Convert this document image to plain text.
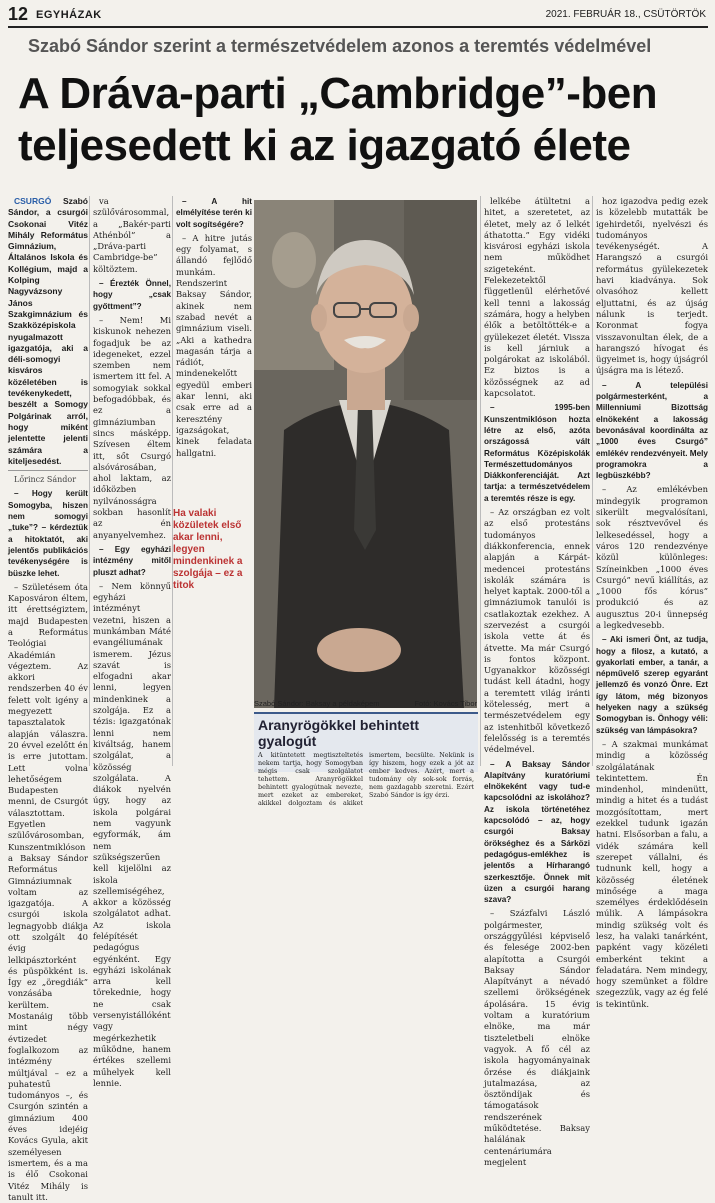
12 EGYHÁZAK	2021. FEBRUÁR 18., CSÜTÖRTÖK
Szabó Sándor szerint a természetvédelem azonos a teremtés védelmével
A Dráva-parti „Cambridge”-ben
teljesedett ki az igazgató élete

CSURGÓ Szabó Sándor, a csurgói Csokonai Vitéz Mihály Református Gimnázium, Általános Iskola és Kollégium, majd a Kolping Nagyvázsony János Szakgimnázium és Szakközépiskola nyugalmazott igazgatója, aki a déli-somogyi kisváros közéletében is tevékenykedett, beszélt a Somogy Polgárinak arról, hogy miként jelentette jelenti számára a kiteljesedést.

Lőrincz Sándor

– Hogy került Somogyba, hiszen nem somogyi „tuke”? – kérdeztük a hitoktatót, aki jelentős publikációs tevékenységére is büszke lehet.

– Születésem óta Kaposváron éltem, itt érettségiztem, majd Budapesten a Református Teológiai Akadémián végeztem. Az akkori rendszerben 40 év felett volt igény a megyezett tapasztalatok alapján válaszra. 20 évvel ezelőtt én is erre jutottam. Lett volna lehetőségem Budapesten menni, de Csurgót választottam. Egyetlen szülővárosomban, Kunszentmiklóson a Baksay Sándor Református Gimnáziumnak voltam az igazgatója. A csurgói iskola legnagyobb diákja ott szolgált 40 évig lelkipásztorként és püspökként is. Így ez „öregdiák” vonzásába kerültem. Mostanáig több mint négy évtizedet foglalkozom az intézmény múltjával – ez a puhatestű tudományos –, és Csurgón szintén a gimnázium 400 éves idejéig Kovács Gyula, akit személyesen ismertem, és a ma is élő Csokonai Vitéz Mihály is tanult itt.

va szülővárosommal, a „Bakér-parti Athénból” a „Dráva-parti Cambridge-be” költöztem.

– Érezték Önnel, hogy „csak győttment”?

– Nem! Mi kiskunok nehezen fogadjuk be az idegeneket, ezzel szemben nem ismertem itt fel. A somogyiak sokkal befogadóbbak, és ez a gimnáziumban sincs másképp. Szívesen éltem itt, sőt Csurgó alsóvárosában, ahol laktam, az időközben nyilvánosságra sokban hasonlít az én anyanyelvemhez.

– Egy egyházi intézmény mitől pluszt adhat?

– Nem könnyű egyházi intézményt vezetni, hiszen a munkámban Máté evangéliumának ismerem. Jézus szavát is elfogadni akar lenni, legyen mindenkinek a szolgája. Ez a tézis: igazgatónak lenni nem kiváltság, hanem szolgálat, a közösség szolgálata. A diákok nyelvén úgy, hogy az iskola polgárai nem vagyunk egyformák, ám nem szükségszerűen kell kijelölni az iskola szellemiségéhez, akkor a közösség szolgálatot adhat. Az iskola felépítését pedagógus egyénként. Egy egyházi iskolának arra kell törekednie, hogy ne csak versenyistállóként vagy megérkezhetik működne, hanem értékes szellemi műhelyek kell lennie.

– A hit elmélyítése terén ki volt sogítségére?

– A hitre jutás egy folyamat, s állandó fejlődő munkám. Rendszerint Baksay Sándor, akinek nem szabad nevét a gimnázium viseli. „Aki a kathedra magasán tárja a rádiót, mindenekelőtt egyedül emberi akar lenni, aki csak erre ad a keresztény igazságokat, kinek feladata hallgatni.

Ha valaki közületek első akar lenni, legyen mindenkinek a szolgája – ez a titok
Szabó Sándor: Baksay a példaképem	Fotó: Kovács Tibor

Aranyrögökkel behintett gyalogút
A kitüntetett megtiszteltetés nekem tartja, hogy Somogyban mégis csak szolgálatot tehettem. Aranyrögökkel behintett gyalogútnak nevezte, mert ezeket az embereket, akikkel dolgoztam és akiket ismertem, becsülte. Nekünk is így hiszem, hogy ezek a jót az ember kedves. Azért, mert a tudomány oly sok-sok forrás, nem gazdagabb szeretni. Ezért Szabó Sándor is így érzi.

lelkébe átültetni a hitet, a szeretetet, az életet, mely az ő lelkét áthatotta.” Egy vidéki kisvárosi egyházi iskola nem működhet szigeteként. Felekezetektől függetlenül elérhetővé kell tenni a lakosság számára, hogy a helyben élők a betöltötték-e a gyülekezet életét. Vissza is kell járniuk a polgárokat az iskolából. Ez biztos is a közösségnek az ad kapcsolatot.

– 1995-ben Kunszentmiklóson hozta létre az első, azóta országossá vált Református Középiskolák Természettudományos Diákkonferenciáját. Azt tartja: a természetvédelem a teremtés része is egy.

– Az országban ez volt az első protestáns tudományos diákkonferencia, ennek alapján a Kárpát-medencei protestáns iskolák számára is helyet kaptak. 2000-től a gimnáziumok tanulói is csatlakoztak ezekhez. A szervezést a csurgói iskola vette át és átvette. Ma már Csurgó is fontos központ. Ugyanakkor közösségi tudást kell átadni, hogy a teremtett világ iránti kötelesség, mert a természetvédelem egy az istenhitből következő felelősség is a teremtés védelmével.

– A Baksay Sándor Alapítvány kuratóriumi elnökeként vagy tud-e kapcsolódni az iskolához? Az iskola történetéhez kapcsolódó – az, hogy csurgói Baksay örökséghez és a Sárközi pedagógus-emlékhez is jelentős a Hírharangó szerkesztője. Önnek mit üzen a csurgói harang szava?

– Százfalvi László polgármester, országgyűlési képviselő és felesége 2002-ben alapította a Csurgói Baksay Sándor Alapítványt a névadó szellemi örökségének ápolására. 15 évig voltam a kuratórium elnöke, ma már tiszteletbeli elnöke vagyok. A fő cél az iskola hagyományainak őrzése és diákjaink jutalmazása, az ösztöndíjak és támogatások rendszerének működtetése. Baksay halálának centenáriumára megjelent

hoz igazodva pedig ezek is közelebb mutatták be igehirdetői, nyelvészi és tudományos tevékenységét. A Harangszó a csurgói református gyülekezetek havi kiadványa. Sok olvasóhoz kellett eljuttatni, és az újság nálunk is terjedt. Koronmat fogya visszavonultan élek, de a harangszó hívogat és ügyeimet is, hogy újságról újságra ma is létező.

– A települési polgármesterként, a Millenniumi Bizottság elnökeként a lakosság bevonásával koordinálta az „1000 éves Csurgó” emlékév rendezvényeit. Mely programokra a legbüszkébb?

– Az emlékévben mindegyik programon sikerült megvalósítani, sok résztvevővel és lelkesedéssel, hogy a város 120 rendezvénye közül különleges: Színeinkben „1000 éves Csurgó” nevű kiállítás, az „1000 fős kórus” produkció és az augusztus 20-i ünnepség a legkedvesebb.

– Aki ismeri Önt, az tudja, hogy a filosz, a kutató, a gyakorlati ember, a tanár, a népművelő szerep egyaránt jellemző és vonzó Önre. Ezt így látom, még bizonyos helyeken nagy a szükség Somogyban is. Önhogy véli: szükség van lámpásokra?

– A szakmai munkámat mindig a közösség szolgálatának tekintettem. Én mindenhol, mindenütt, mindig a hitet és a tudást mozgósítottam, mert ezekkel tudunk igazán hatni. Elsősorban a falu, a vidék számára kell szerepet vállalni, és tudnunk kell, hogy a közösség életének minősége a maga személyes érdeklődésein múlik. A lámpásokra mindig szükség volt és lesz, ha valaki tanárként, papként vagy közéleti emberként tekint a feladatára. Nem mindegy, hogy szemünket a földre szegezzük, vagy az ég felé is tekintünk.
